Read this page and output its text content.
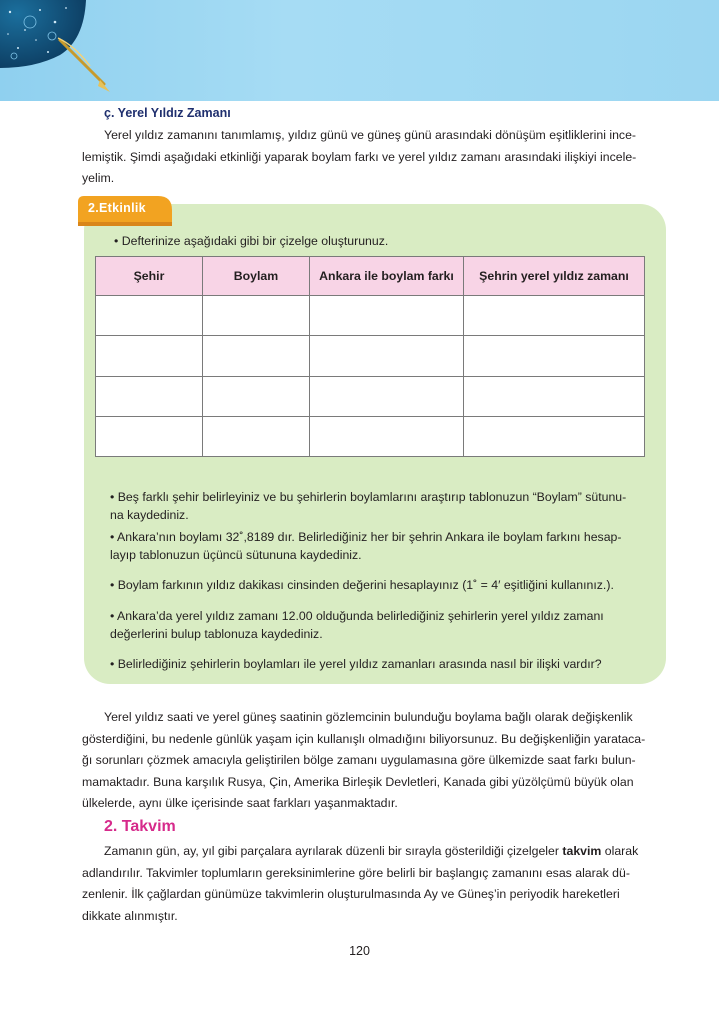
ç. Yerel Yıldız Zamanı

Yerel yıldız zamanını tanımlamış, yıldız günü ve güneş günü arasındaki dönüşüm eşitliklerini ince-
lemiştik. Şimdi aşağıdaki etkinliği yaparak boylam farkı ve yerel yıldız zamanı arasındaki ilişkiyi incele-
yelim.

2.Etkinlik

• Defterinize aşağıdaki gibi bir çizelge oluşturunuz.

Şehir	Boylam	Ankara ile boylam farkı	Şehrin yerel yıldız zamanı

• Beş farklı şehir belirleyiniz ve bu şehirlerin boylamlarını araştırıp tablonuzun “Boylam” sütunu-
na kaydediniz.

• Ankara’nın boylamı 32˚,8189 dır. Belirlediğiniz her bir şehrin Ankara ile boylam farkını hesap-
layıp tablonuzun üçüncü sütununa kaydediniz.

• Boylam farkının yıldız dakikası cinsinden değerini hesaplayınız (1˚ = 4′ eşitliğini kullanınız.).

• Ankara’da yerel yıldız zamanı 12.00 olduğunda belirlediğiniz şehirlerin yerel yıldız zamanı
değerlerini bulup tablonuza kaydediniz.

• Belirlediğiniz şehirlerin boylamları ile yerel yıldız zamanları arasında nasıl bir ilişki vardır?

Yerel yıldız saati ve yerel güneş saatinin gözlemcinin bulunduğu boylama bağlı olarak değişkenlik
gösterdiğini, bu nedenle günlük yaşam için kullanışlı olmadığını biliyorsunuz. Bu değişkenliğin yarataca-
ğı sorunları çözmek amacıyla geliştirilen bölge zamanı uygulamasına göre ülkemizde saat farkı bulun-
mamaktadır. Buna karşılık Rusya, Çin, Amerika Birleşik Devletleri, Kanada gibi yüzölçümü büyük olan
ülkelerde, aynı ülke içerisinde saat farkları yaşanmaktadır.

2. Takvim

Zamanın gün, ay, yıl gibi parçalara ayrılarak düzenli bir sırayla gösterildiği çizelgeler takvim olarak
adlandırılır. Takvimler toplumların gereksinimlerine göre belirli bir başlangıç zamanını esas alarak dü-
zenlenir. İlk çağlardan günümüze takvimlerin oluşturulmasında Ay ve Güneş’in periyodik hareketleri
dikkate alınmıştır.

120
